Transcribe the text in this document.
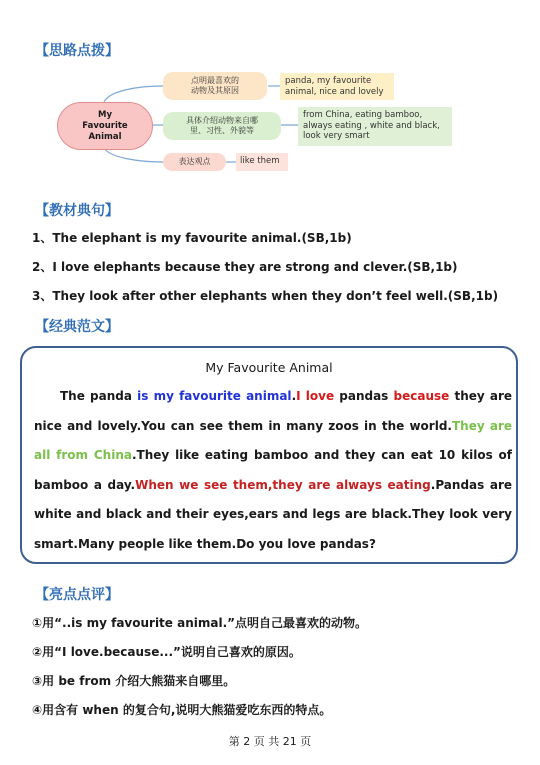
【思路点拨】
My
Favourite
Animal
点明最喜欢的
动物及其原因
panda, my favourite
animal, nice and lovely
具体介绍动物来自哪
里、习性、外貌等
from China, eating bamboo,
always eating , white and black,
look very smart
表达观点	like them
【教材典句】
1、The elephant is my favourite animal.(SB,1b)
2、I love elephants because they are strong and clever.(SB,1b)
3、They look after other elephants when they don’t feel well.(SB,1b)
【经典范文】
My Favourite Animal
The panda is my favourite animal.I love pandas because they are nice and lovely.You can see them in many zoos in the world.They are all from China.They like eating bamboo and they can eat 10 kilos of bamboo a day.When we see them,they are always eating.Pandas are white and black and their eyes,ears and legs are black.They look very smart.Many people like them.Do you love pandas?
【亮点点评】
①用“..is my favourite animal.”点明自己最喜欢的动物。
②用“I love.because...”说明自己喜欢的原因。
③用 be from 介绍大熊猫来自哪里。
④用含有 when 的复合句,说明大熊猫爱吃东西的特点。
第 2 页 共 21 页
